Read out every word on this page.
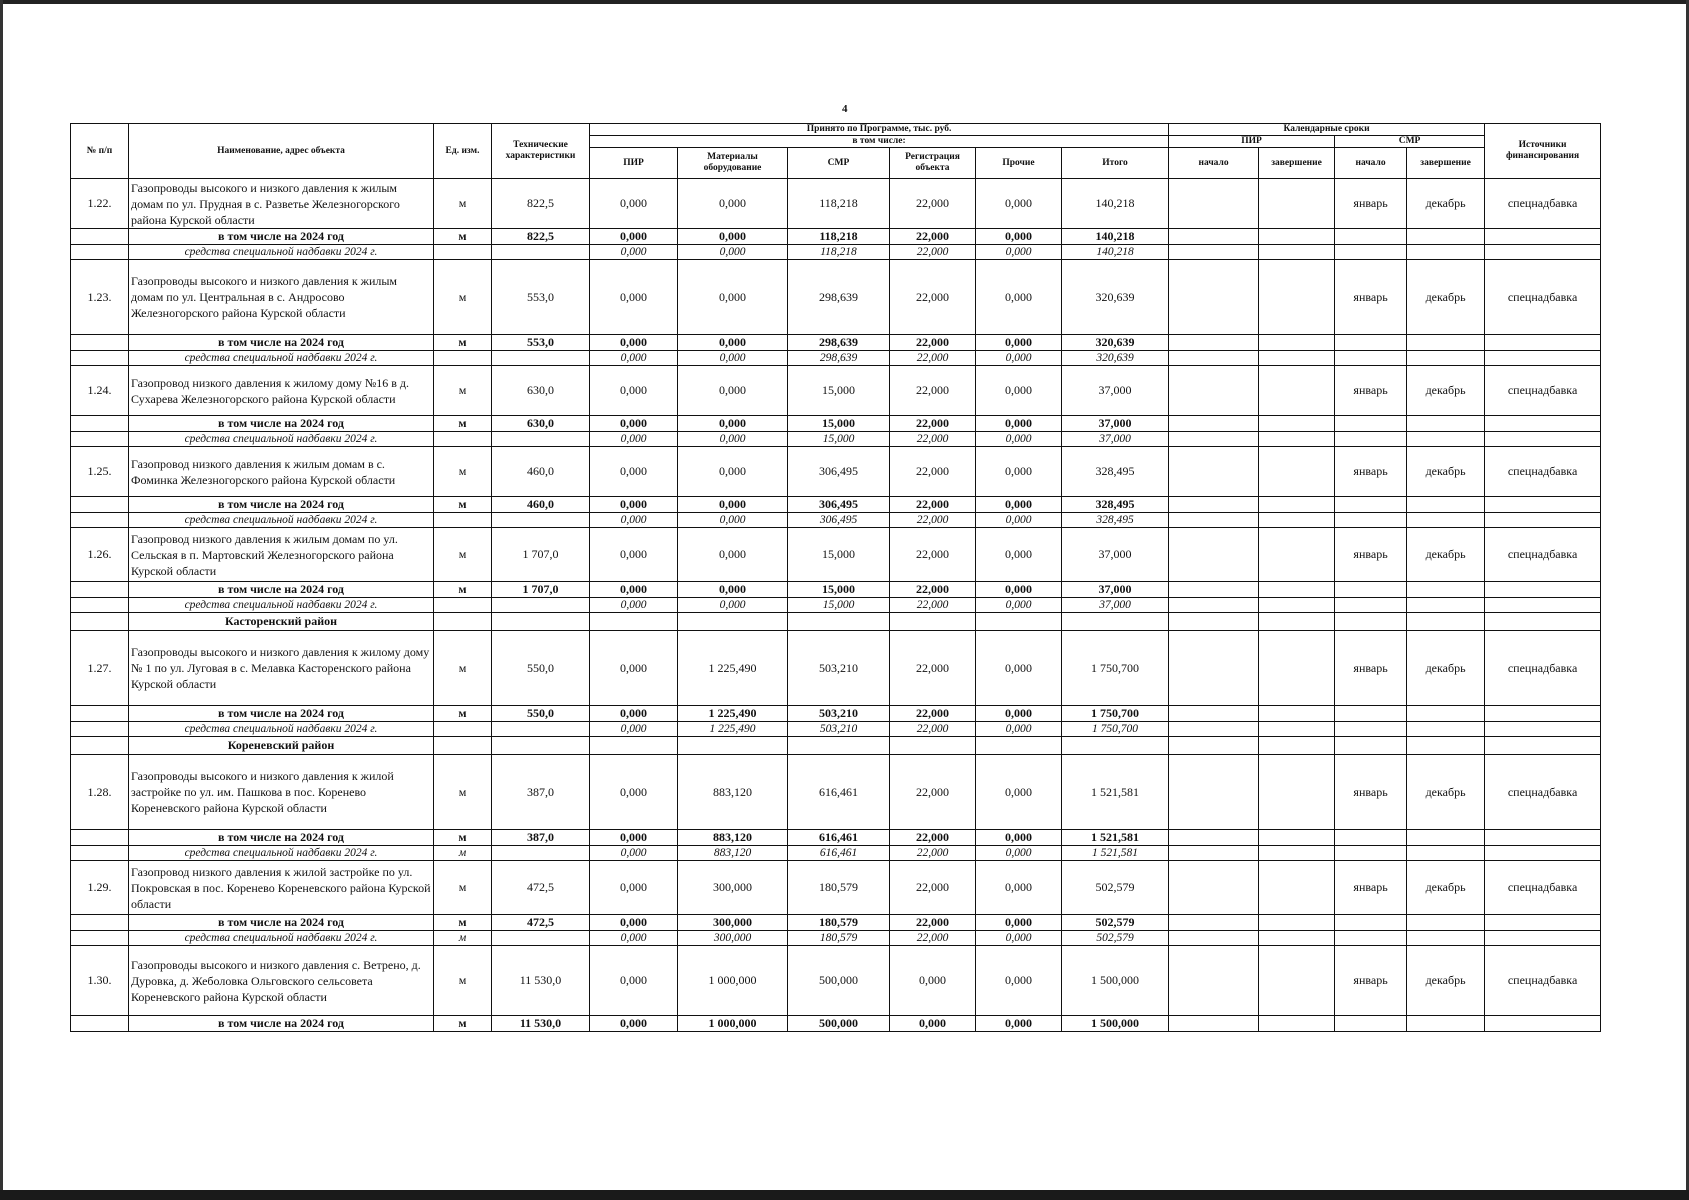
4
№ п/п	Наименование, адрес объекта	Ед. изм.	Технические характеристики	Принято по Программе, тыс. руб.						Календарные сроки				Источники финансирования
				в том числе:						ПИР		СМР		
				ПИР	Материалы оборудование	СМР	Регистрация объекта	Прочие	Итого	начало	завершение	начало	завершение	
1.22.	Газопроводы высокого и низкого давления к жилым домам по ул. Прудная в с. Разветье Железногорского района Курской области	м	822,5	0,000	0,000	118,218	22,000	0,000	140,218			январь	декабрь	спецнадбавка
	в том числе на 2024 год	м	822,5	0,000	0,000	118,218	22,000	0,000	140,218					
	средства специальной надбавки 2024 г.			0,000	0,000	118,218	22,000	0,000	140,218					
1.23.	Газопроводы высокого и низкого давления к жилым домам по ул. Центральная в с. Андросово Железногорского района Курской области	м	553,0	0,000	0,000	298,639	22,000	0,000	320,639			январь	декабрь	спецнадбавка
	в том числе на 2024 год	м	553,0	0,000	0,000	298,639	22,000	0,000	320,639					
	средства специальной надбавки 2024 г.			0,000	0,000	298,639	22,000	0,000	320,639					
1.24.	Газопровод низкого давления к жилому дому №16 в д. Сухарева Железногорского района Курской области	м	630,0	0,000	0,000	15,000	22,000	0,000	37,000			январь	декабрь	спецнадбавка
	в том числе на 2024 год	м	630,0	0,000	0,000	15,000	22,000	0,000	37,000					
	средства специальной надбавки 2024 г.			0,000	0,000	15,000	22,000	0,000	37,000					
1.25.	Газопровод низкого давления к жилым домам в с. Фоминка Железногорского района Курской области	м	460,0	0,000	0,000	306,495	22,000	0,000	328,495			январь	декабрь	спецнадбавка
	в том числе на 2024 год	м	460,0	0,000	0,000	306,495	22,000	0,000	328,495					
	средства специальной надбавки 2024 г.			0,000	0,000	306,495	22,000	0,000	328,495					
1.26.	Газопровод низкого давления к жилым домам по ул. Сельская в п. Мартовский Железногорского района Курской области	м	1 707,0	0,000	0,000	15,000	22,000	0,000	37,000			январь	декабрь	спецнадбавка
	в том числе на 2024 год	м	1 707,0	0,000	0,000	15,000	22,000	0,000	37,000					
	средства специальной надбавки 2024 г.			0,000	0,000	15,000	22,000	0,000	37,000					
	Касторенский район													
1.27.	Газопроводы высокого и низкого давления к жилому дому № 1 по ул. Луговая в с. Мелавка Касторенского района Курской области	м	550,0	0,000	1 225,490	503,210	22,000	0,000	1 750,700			январь	декабрь	спецнадбавка
	в том числе на 2024 год	м	550,0	0,000	1 225,490	503,210	22,000	0,000	1 750,700					
	средства специальной надбавки 2024 г.			0,000	1 225,490	503,210	22,000	0,000	1 750,700					
	Кореневский район													
1.28.	Газопроводы высокого и низкого давления к жилой застройке по ул. им. Пашкова в пос. Коренево Кореневского района Курской области	м	387,0	0,000	883,120	616,461	22,000	0,000	1 521,581			январь	декабрь	спецнадбавка
	в том числе на 2024 год	м	387,0	0,000	883,120	616,461	22,000	0,000	1 521,581					
	средства специальной надбавки 2024 г.	м		0,000	883,120	616,461	22,000	0,000	1 521,581					
1.29.	Газопровод низкого давления к жилой застройке по ул. Покровская в пос. Коренево Кореневского района Курской области	м	472,5	0,000	300,000	180,579	22,000	0,000	502,579			январь	декабрь	спецнадбавка
	в том числе на 2024 год	м	472,5	0,000	300,000	180,579	22,000	0,000	502,579					
	средства специальной надбавки 2024 г.	м		0,000	300,000	180,579	22,000	0,000	502,579					
1.30.	Газопроводы высокого и низкого давления с. Ветрено, д. Дуровка, д. Жеболовка Ольговского сельсовета Кореневского района Курской области	м	11 530,0	0,000	1 000,000	500,000	0,000	0,000	1 500,000			январь	декабрь	спецнадбавка
	в том числе на 2024 год	м	11 530,0	0,000	1 000,000	500,000	0,000	0,000	1 500,000					
